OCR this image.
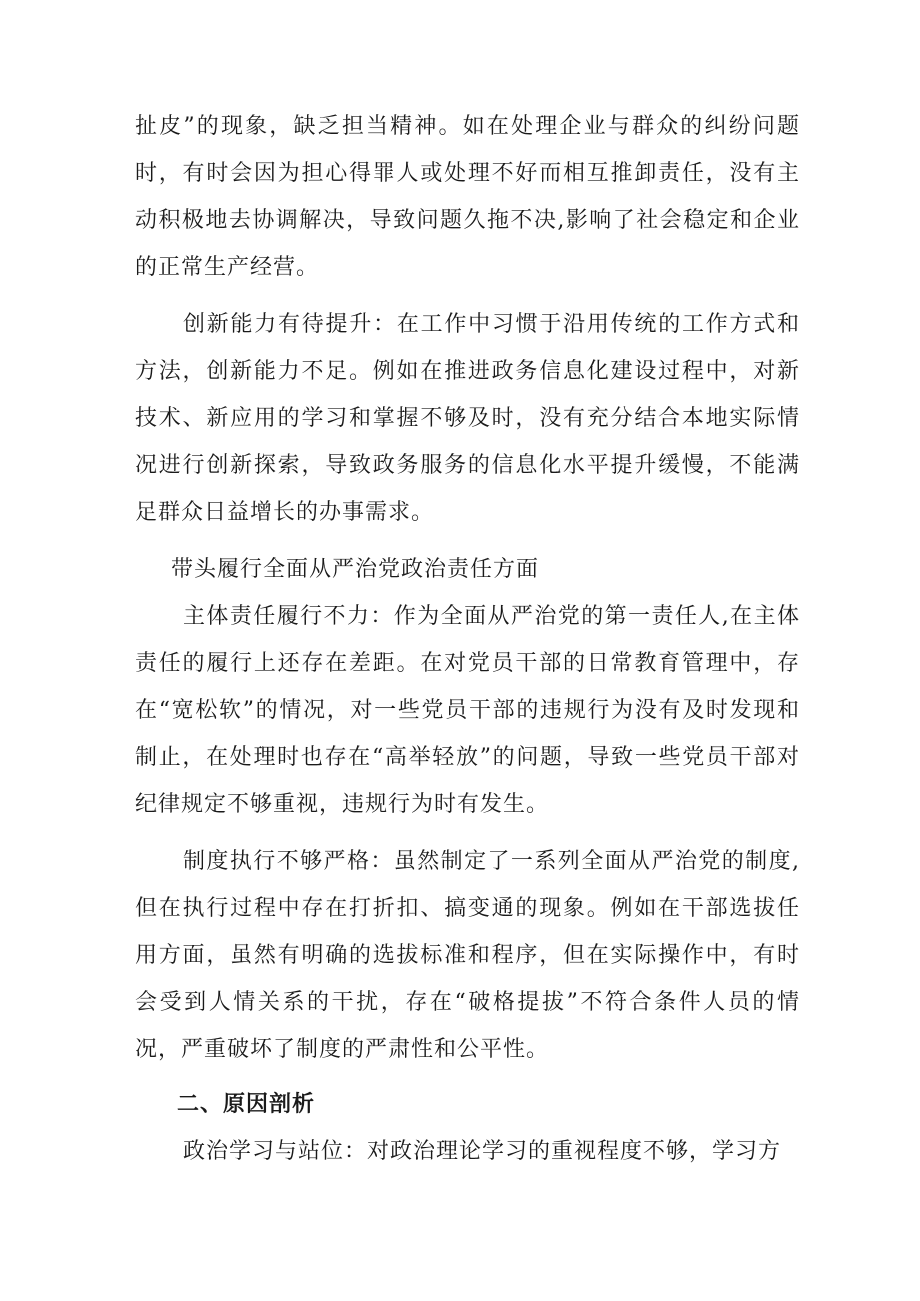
扯皮”的现象，缺乏担当精神。如在处理企业与群众的纠纷问题时，有时会因为担心得罪人或处理不好而相互推卸责任，没有主动积极地去协调解决，导致问题久拖不决,影响了社会稳定和企业的正常生产经营。

创新能力有待提升：在工作中习惯于沿用传统的工作方式和方法，创新能力不足。例如在推进政务信息化建设过程中，对新技术、新应用的学习和掌握不够及时，没有充分结合本地实际情况进行创新探索，导致政务服务的信息化水平提升缓慢，不能满足群众日益增长的办事需求。

带头履行全面从严治党政治责任方面

主体责任履行不力：作为全面从严治党的第一责任人,在主体责任的履行上还存在差距。在对党员干部的日常教育管理中，存在“宽松软”的情况，对一些党员干部的违规行为没有及时发现和制止，在处理时也存在“高举轻放”的问题，导致一些党员干部对纪律规定不够重视，违规行为时有发生。

制度执行不够严格：虽然制定了一系列全面从严治党的制度,但在执行过程中存在打折扣、搞变通的现象。例如在干部选拔任用方面，虽然有明确的选拔标准和程序，但在实际操作中，有时会受到人情关系的干扰，存在“破格提拔”不符合条件人员的情况，严重破坏了制度的严肃性和公平性。

二、原因剖析

政治学习与站位：对政治理论学习的重视程度不够，学习方
